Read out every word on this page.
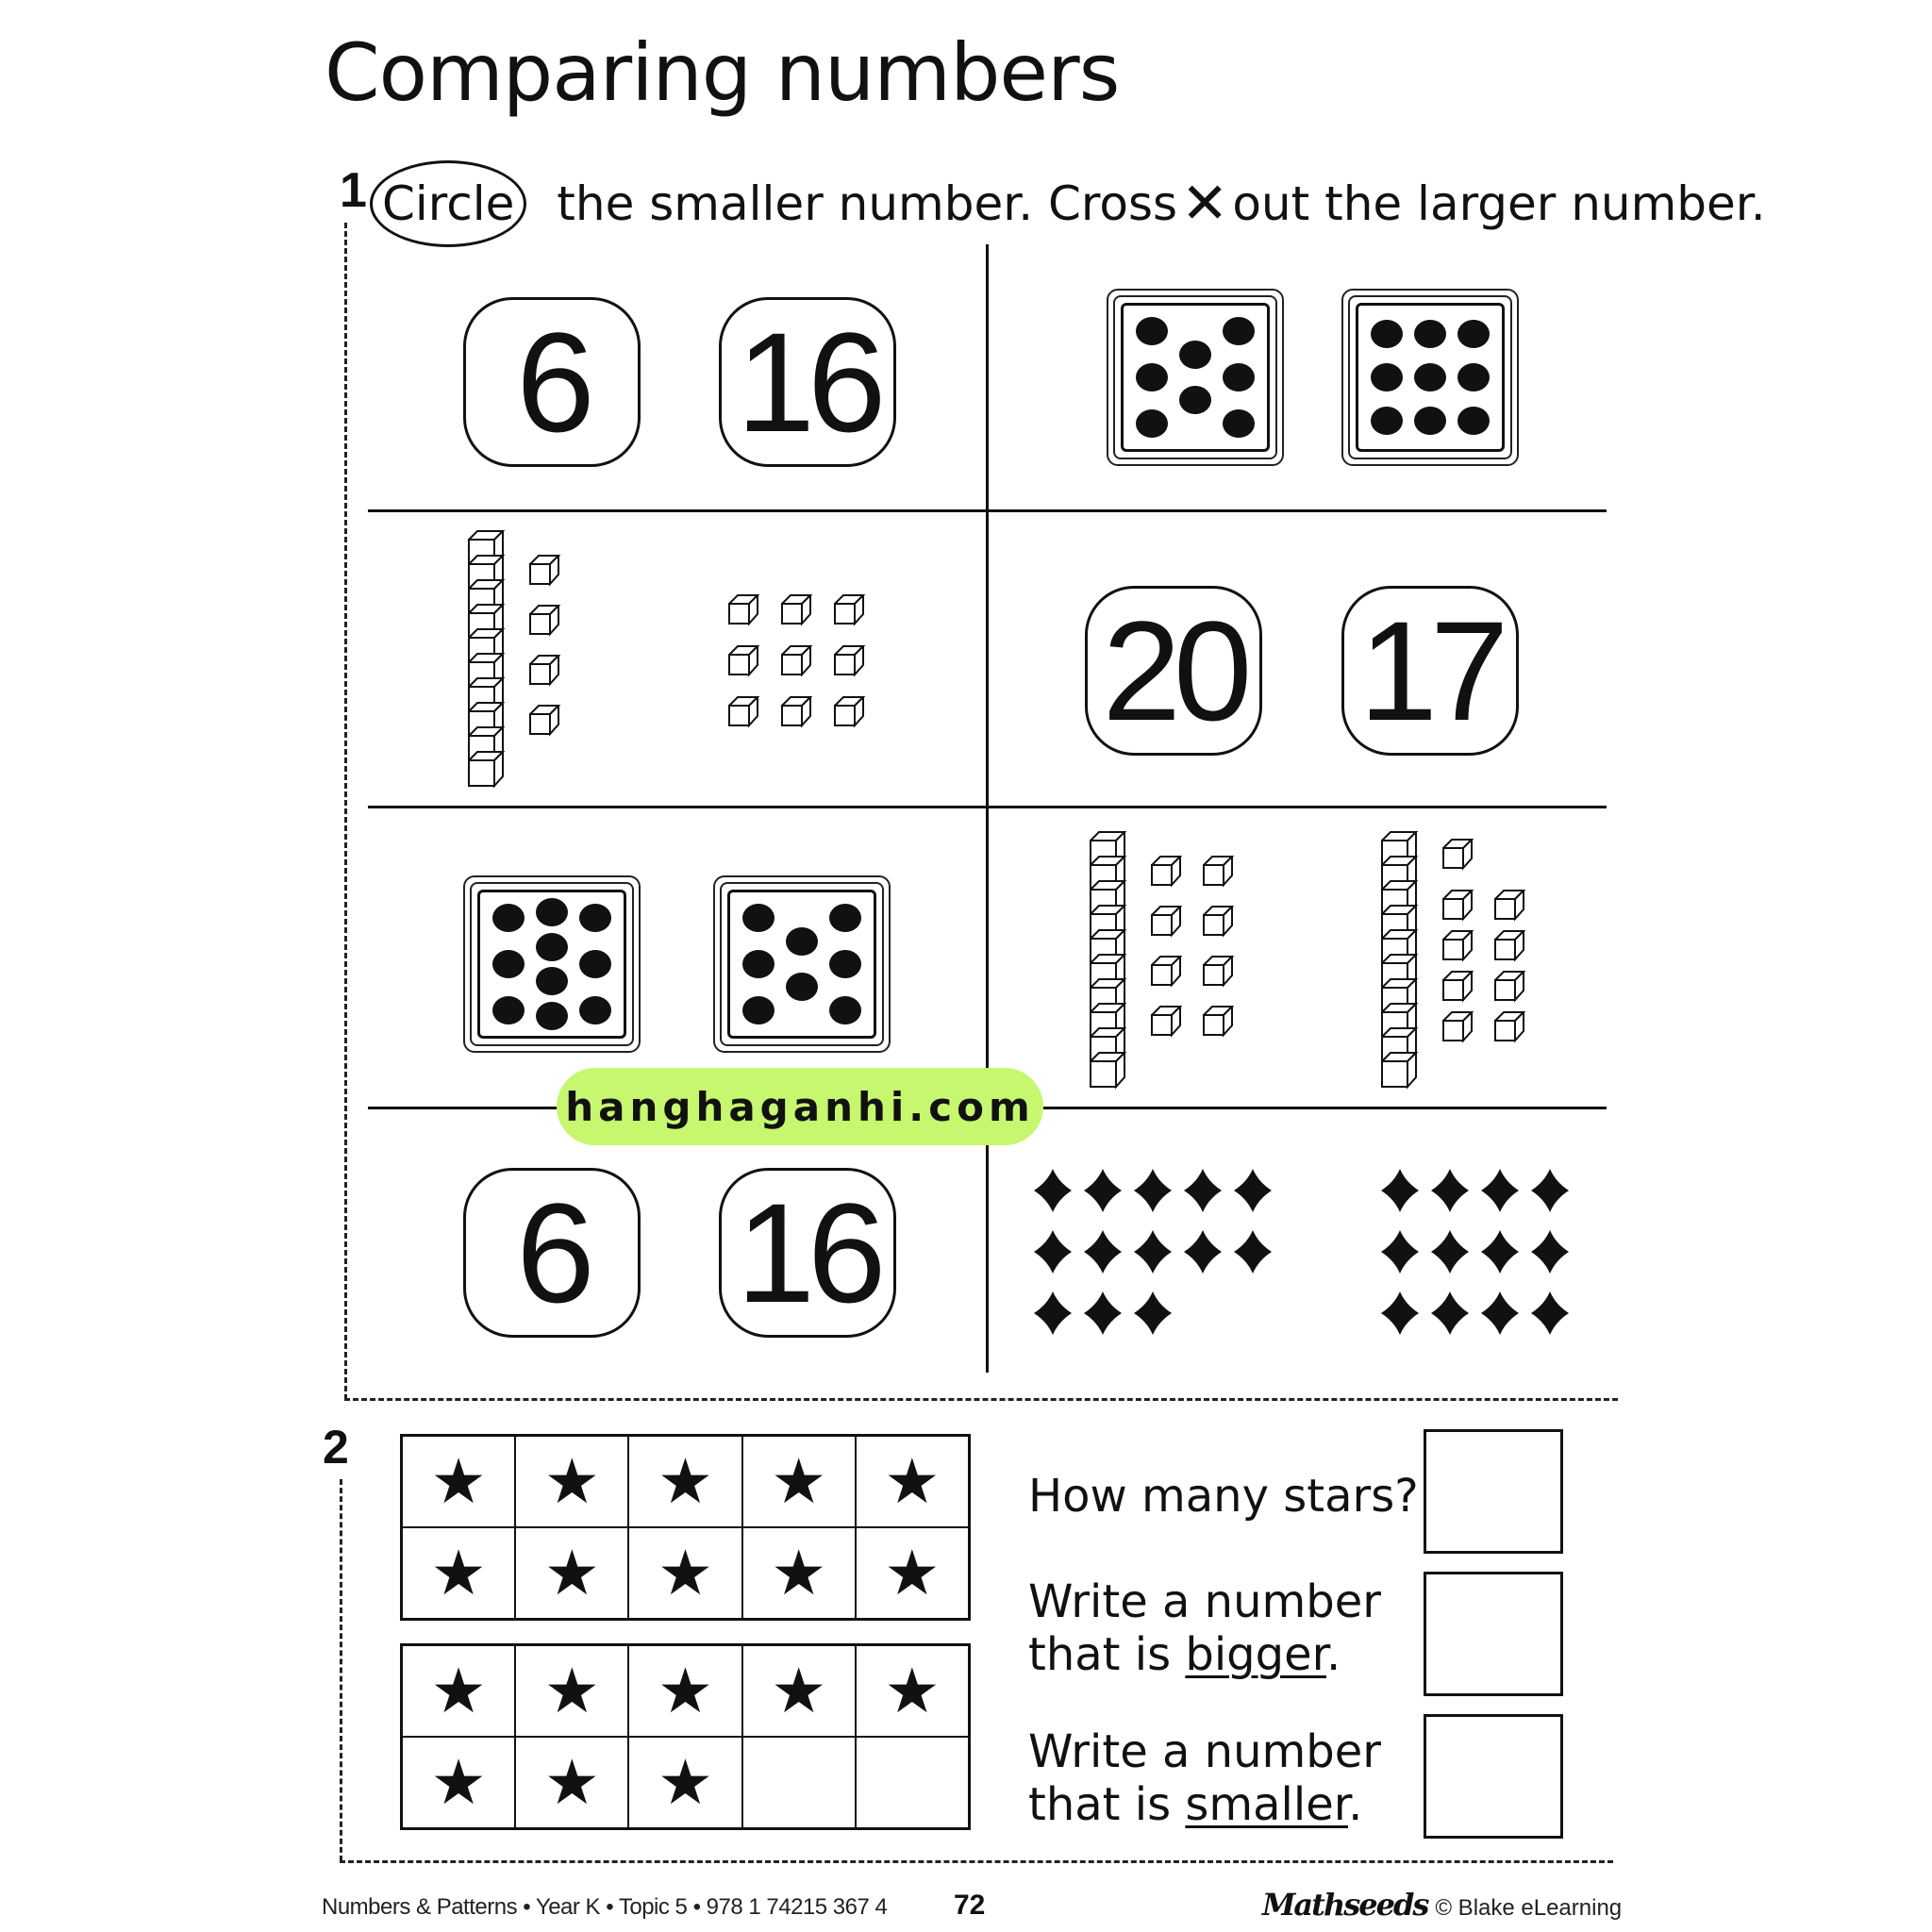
Comparing numbers
1 Circle the smaller number. Cross ✕ out the larger number.
6	16
20 17
6	16
hanghaganhi.com
2 ★ ★ ★ ★ ★
★ ★ ★ ★ ★
★ ★ ★ ★ ★
★ ★ ★
How many stars?
Write a number
that is bigger.
Write a number
that is smaller.
Numbers & Patterns • Year K • Topic 5 • 978 1 74215 367 4 72	Mathseeds © Blake eLearning
